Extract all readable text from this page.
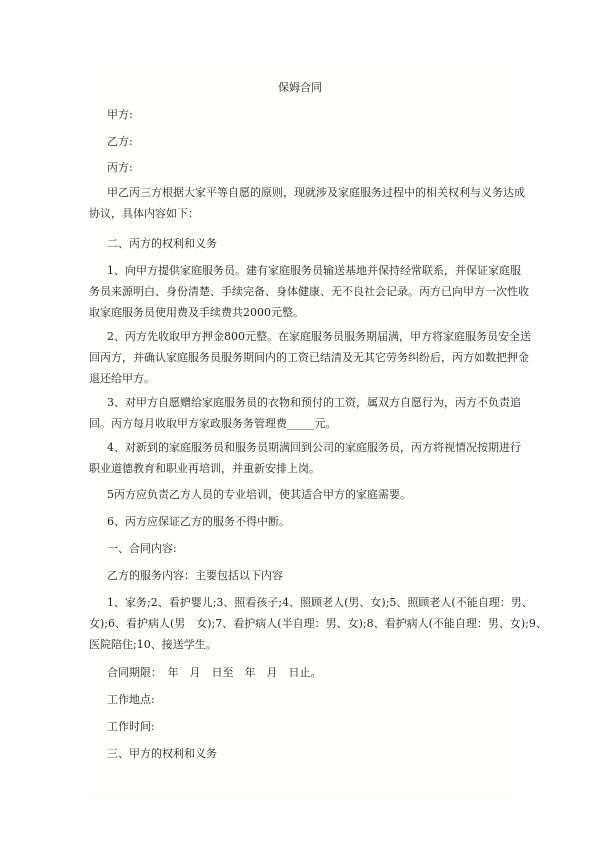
保姆合同
甲方:
乙方:
丙方:
甲乙丙三方根据大家平等自愿的原则，现就涉及家庭服务过程中的相关权利与义务达成
协议，具体内容如下：
二、丙方的权利和义务
1、向甲方提供家庭服务员。建有家庭服务员输送基地并保持经常联系，并保证家庭服
务员来源明白、身份清楚、手续完备、身体健康、无不良社会记录。丙方已向甲方一次性收
取家庭服务员使用费及手续费共2000元整。
2、丙方先收取甲方押金800元整。在家庭服务员服务期届满，甲方将家庭服务员安全送
回丙方，并确认家庭服务员服务期间内的工资已结清及无其它劳务纠纷后，丙方如数把押金
退还给甲方。
3、对甲方自愿赠给家庭服务员的衣物和预付的工资，属双方自愿行为，丙方不负责追
回。丙方每月收取甲方家政服务务管理费_____元。
4、对新到的家庭服务员和服务员期满回到公司的家庭服务员，丙方将视情况按期进行
职业道德教育和职业再培训，并重新安排上岗。
5丙方应负责乙方人员的专业培训，使其适合甲方的家庭需要。
6、丙方应保证乙方的服务不得中断。
一、合同内容:
乙方的服务内容：主要包括以下内容
1、家务;2、看护婴儿;3、照看孩子;4、照顾老人(男、女);5、照顾老人(不能自理：男、
女);6、看护病人(男　女);7、看护病人(半自理：男、女);8、看护病人(不能自理：男、女);9、
医院陪住;10、接送学生。
合同期限：　年　月　日至　年　月　日止。
工作地点:
工作时间:
三、甲方的权利和义务
